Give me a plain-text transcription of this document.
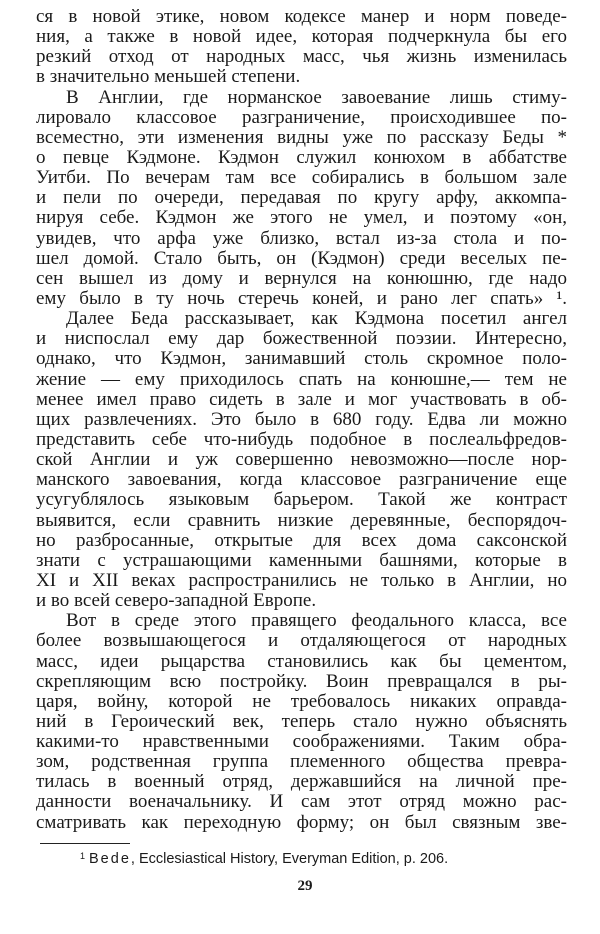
ся в новой этике, новом кодексе манер и норм поведе-
ния, а также в новой идее, которая подчеркнула бы его
резкий отход от народных масс, чья жизнь изменилась
в значительно меньшей степени.
В Англии, где норманское завоевание лишь стиму-
лировало классовое разграничение, происходившее по-
всеместно, эти изменения видны уже по рассказу Беды *
о певце Кэдмоне. Кэдмон служил конюхом в аббатстве
Уитби. По вечерам там все собирались в большом зале
и пели по очереди, передавая по кругу арфу, аккомпа-
нируя себе. Кэдмон же этого не умел, и поэтому «он,
увидев, что арфа уже близко, встал из-за стола и по-
шел домой. Стало быть, он (Кэдмон) среди веселых пе-
сен вышел из дому и вернулся на конюшню, где надо
ему было в ту ночь стеречь коней, и рано лег спать» ¹.
Далее Беда рассказывает, как Кэдмона посетил ангел
и ниспослал ему дар божественной поэзии. Интересно,
однако, что Кэдмон, занимавший столь скромное поло-
жение — ему приходилось спать на конюшне,— тем не
менее имел право сидеть в зале и мог участвовать в об-
щих развлечениях. Это было в 680 году. Едва ли можно
представить себе что-нибудь подобное в послеальфредов-
ской Англии и уж совершенно невозможно—после нор-
манского завоевания, когда классовое разграничение еще
усугублялось языковым барьером. Такой же контраст
выявится, если сравнить низкие деревянные, беспорядоч-
но разбросанные, открытые для всех дома саксонской
знати с устрашающими каменными башнями, которые в
XI и XII веках распространились не только в Англии, но
и во всей северо-западной Европе.
Вот в среде этого правящего феодального класса, все
более возвышающегося и отдаляющегося от народных
масс, идеи рыцарства становились как бы цементом,
скрепляющим всю постройку. Воин превращался в ры-
царя, войну, которой не требовалось никаких оправда-
ний в Героический век, теперь стало нужно объяснять
какими-то нравственными соображениями. Таким обра-
зом, родственная группа племенного общества превра-
тилась в военный отряд, державшийся на личной пре-
данности военачальнику. И сам этот отряд можно рас-
сматривать как переходную форму; он был связным зве-
$^1$ Bede, Ecclesiastical History, Everyman Edition, p. 206.
29
